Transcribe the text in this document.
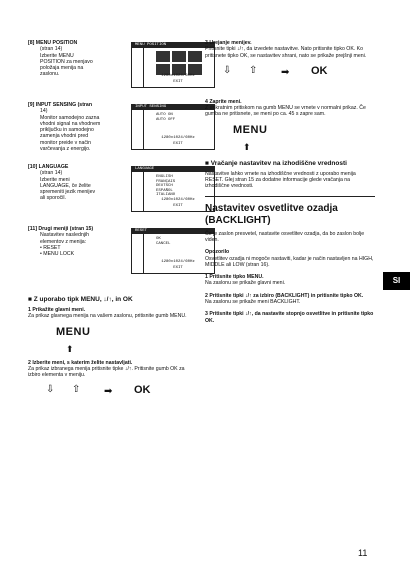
[8] MENU POSITION
(stran 14)
Izberite MENU
POSITION za menjavo
položaja menija na
zaslonu.
MENU POSITION
1280x1024/60Hz
EXIT
[9] INPUT SENSING (stran
14)
Monitor samodejno zazna
vhodni signal na vhodnem
priključku in samodejno
zamenja vhodni pred
monitor preide v način
varčevanja z energijo.
INPUT SENSING
AUTO ON
AUTO OFF
1280x1024/60Hz
EXIT
[10] LANGUAGE
(stran 14)
Izberite meni
LANGUAGE, če želite
spremeniti jezik menijev
ali sporočil.
LANGUAGE
ENGLISH
FRANÇAIS
DEUTSCH
ESPAÑOL
ITALIANO
1280x1024/60Hz
EXIT
[11] Drugi meniji (stran 15)
Nastavitev naslednjih
elementov z menija:
• RESET
• MENU LOCK
RESET
OK
CANCEL
1280x1024/60Hz
EXIT
■ Z uporabo tipk MENU, ↓/↑, in OK
1 Prikažite glavni meni.
Za prikaz glavnega menija na vašem zaslonu, pritisnite gumb MENU.
MENU
⬆
2 Izberite meni, s katerim želite nastavljati.
Za prikaz izbranega menija pritisnite tipke ↓/↑. Pritisnite gumb OK za izbiro elementa v meniju.
⇩ ⇧ ➡ OK
3 Urejanje menijev.
Pritisnite tipki ↓/↑, da izvedete nastavitve. Nato pritisnite tipko OK. Ko pritisnete tipko OK, se nastavitev shrani, nato se prikaže prejšnji meni.
⇩ ⇧ ➡ OK
4 Zaprite meni.
Z enkratnim pritiskom na gumb MENU se vrnete v normalni prikaz. Če gumba ne pritisnete, se meni po ca. 45 s zapre sam.
MENU
⬆
■ Vračanje nastavitev na izhodiščne vrednosti
Nastavitve lahko vrnete na izhodiščne vrednosti z uporabo menija RESET. Glej stran 15 za dodatne informacije glede vračanja na izhodiščne vrednosti.
Nastavitev osvetlitve ozadja (BACKLIGHT)
Če je zaslon presvetel, nastavite osvetlitev ozadja, da bo zaslon bolje viden.
Opozorilo
Osvetlitev ozadja ni mogoče nastaviti, kadar je način nastavljen na HIGH, MIDDLE ali LOW (stran 16).
1 Pritisnite tipko MENU.
Na zaslonu se prikaže glavni meni.
2 Pritisnite tipki ↓/↑ za izbiro (BACKLIGHT) in pritisnite tipko OK.
Na zaslonu se prikaže meni BACKLIGHT.
3 Pritisnite tipki ↓/↑, da nastavite stopnjo osvetlitve in pritisnite tipko OK.
SI
11
